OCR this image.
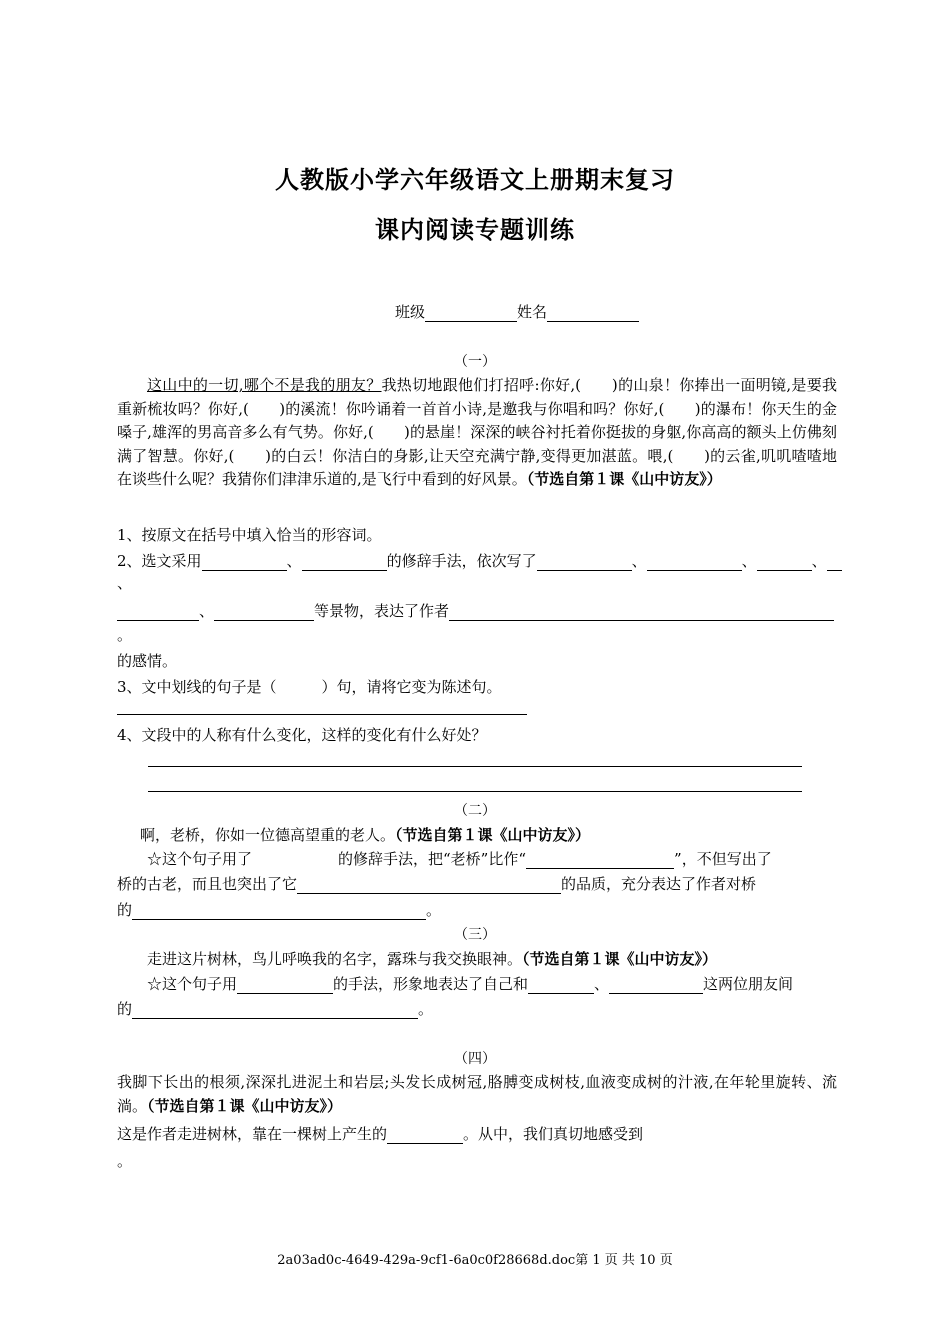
人教版小学六年级语文上册期末复习
课内阅读专题训练
班级	姓名
（一）
这山中的一切,哪个不是我的朋友？我热切地跟他们打招呼:你好,(　　)的山泉！你捧出一面明镜,是要我重新梳妆吗？你好,(　　)的溪流！你吟诵着一首首小诗,是邀我与你唱和吗？你好,(　　)的瀑布！你天生的金嗓子,雄浑的男高音多么有气势。你好,(　　)的悬崖！深深的峡谷衬托着你挺拔的身躯,你高高的额头上仿佛刻满了智慧。你好,(　　)的白云！你洁白的身影,让天空充满宁静,变得更加湛蓝。喂,(　　)的云雀,叽叽喳喳地在谈些什么呢？我猜你们津津乐道的,是飞行中看到的好风景。（节选自第１课《山中访友》）
1、按原文在括号中填入恰当的形容词。
2、选文采用	、	的修辞手法，依次写了	、	、	、
、
、	等景物，表达了作者
。
的感情。
3、文中划线的句子是（　　　）句，请将它变为陈述句。
4、文段中的人称有什么变化，这样的变化有什么好处？
（二）
啊，老桥，你如一位德高望重的老人。（节选自第１课《山中访友》）
☆这个句子用了	的修辞手法，把“老桥”比作“	”，不但写出了
桥的古老，而且也突出了它	的品质，充分表达了作者对桥
的	。
（三）
走进这片树林，鸟儿呼唤我的名字，露珠与我交换眼神。（节选自第１课《山中访友》）
☆这个句子用	的手法，形象地表达了自己和	、	这两位朋友间
的	。
（四）
我脚下长出的根须,深深扎进泥土和岩层;头发长成树冠,胳膊变成树枝,血液变成树的汁液,在年轮里旋转、流淌。（节选自第１课《山中访友》）
这是作者走进树林，靠在一棵树上产生的	。从中，我们真切地感受到
。
2a03ad0c-4649-429a-9cf1-6a0c0f28668d.doc第 1 页 共 10 页
